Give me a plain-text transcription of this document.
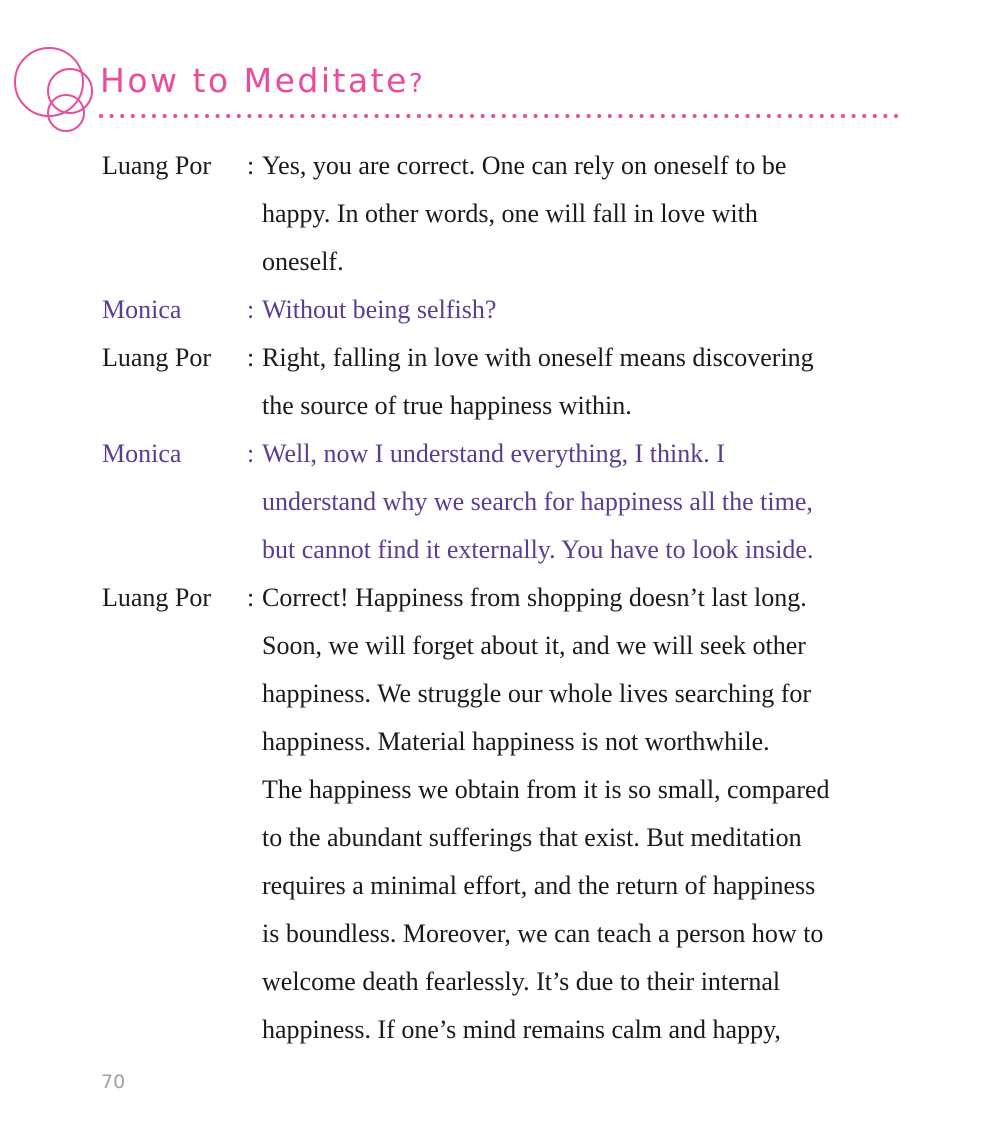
How to Meditate?
Luang Por	: Yes, you are correct. One can rely on oneself to be
happy. In other words, one will fall in love with
oneself.
Monica	: Without being selfish?
Luang Por	: Right, falling in love with oneself means discovering
the source of true happiness within.
Monica	: Well, now I understand everything, I think. I
understand why we search for happiness all the time,
but cannot find it externally. You have to look inside.
Luang Por	: Correct! Happiness from shopping doesn’t last long.
Soon, we will forget about it, and we will seek other
happiness. We struggle our whole lives searching for
happiness. Material happiness is not worthwhile.
The happiness we obtain from it is so small, compared
to the abundant sufferings that exist. But meditation
requires a minimal effort, and the return of happiness
is boundless. Moreover, we can teach a person how to
welcome death fearlessly. It’s due to their internal
happiness. If one’s mind remains calm and happy,
70
